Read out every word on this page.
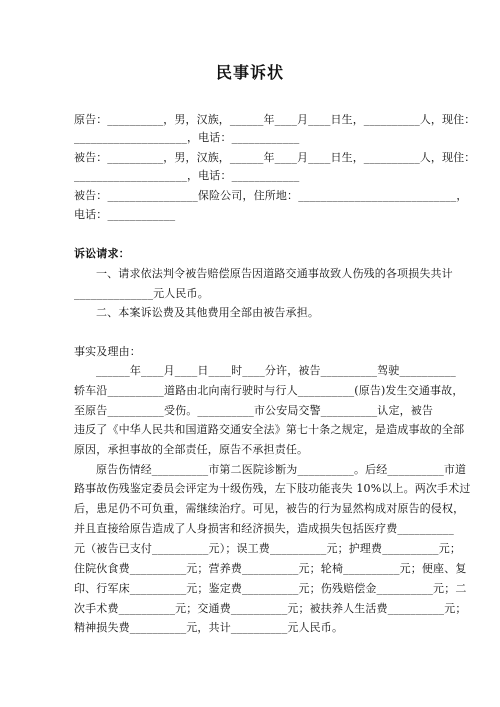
民事诉状
原告：__________，男，汉族，______年____月____日生，__________人，现住：
____________________，电话：____________
被告：__________，男，汉族，______年____月____日生，__________人，现住：
____________________，电话：____________
被告：________________保险公司，住所地：____________________________，
电话：____________
诉讼请求：
一、请求依法判令被告赔偿原告因道路交通事故致人伤残的各项损失共计
______________元人民币。
二、本案诉讼费及其他费用全部由被告承担。
事实及理由：
______年____月____日____时____分许，被告__________驾驶__________
轿车沿__________道路由北向南行驶时与行人__________(原告)发生交通事故，
至原告__________受伤。__________市公安局交警__________认定，被告
违反了《中华人民共和国道路交通安全法》第七十条之规定，是造成事故的全部
原因，承担事故的全部责任，原告不承担责任。
原告伤情经__________市第二医院诊断为__________。后经__________市道
路事故伤残鉴定委员会评定为十级伤残，左下肢功能丧失 10%以上。两次手术过
后，患足仍不可负重，需继续治疗。可见，被告的行为显然构成对原告的侵权，
并且直接给原告造成了人身损害和经济损失，造成损失包括医疗费__________
元（被告已支付__________元）；误工费__________元；护理费__________元；
住院伙食费__________元；营养费__________元；轮椅__________元；便座、复
印、行军床__________元；鉴定费__________元；伤残赔偿金__________元；二
次手术费__________元；交通费__________元；被扶养人生活费__________元；
精神损失费__________元，共计__________元人民币。
